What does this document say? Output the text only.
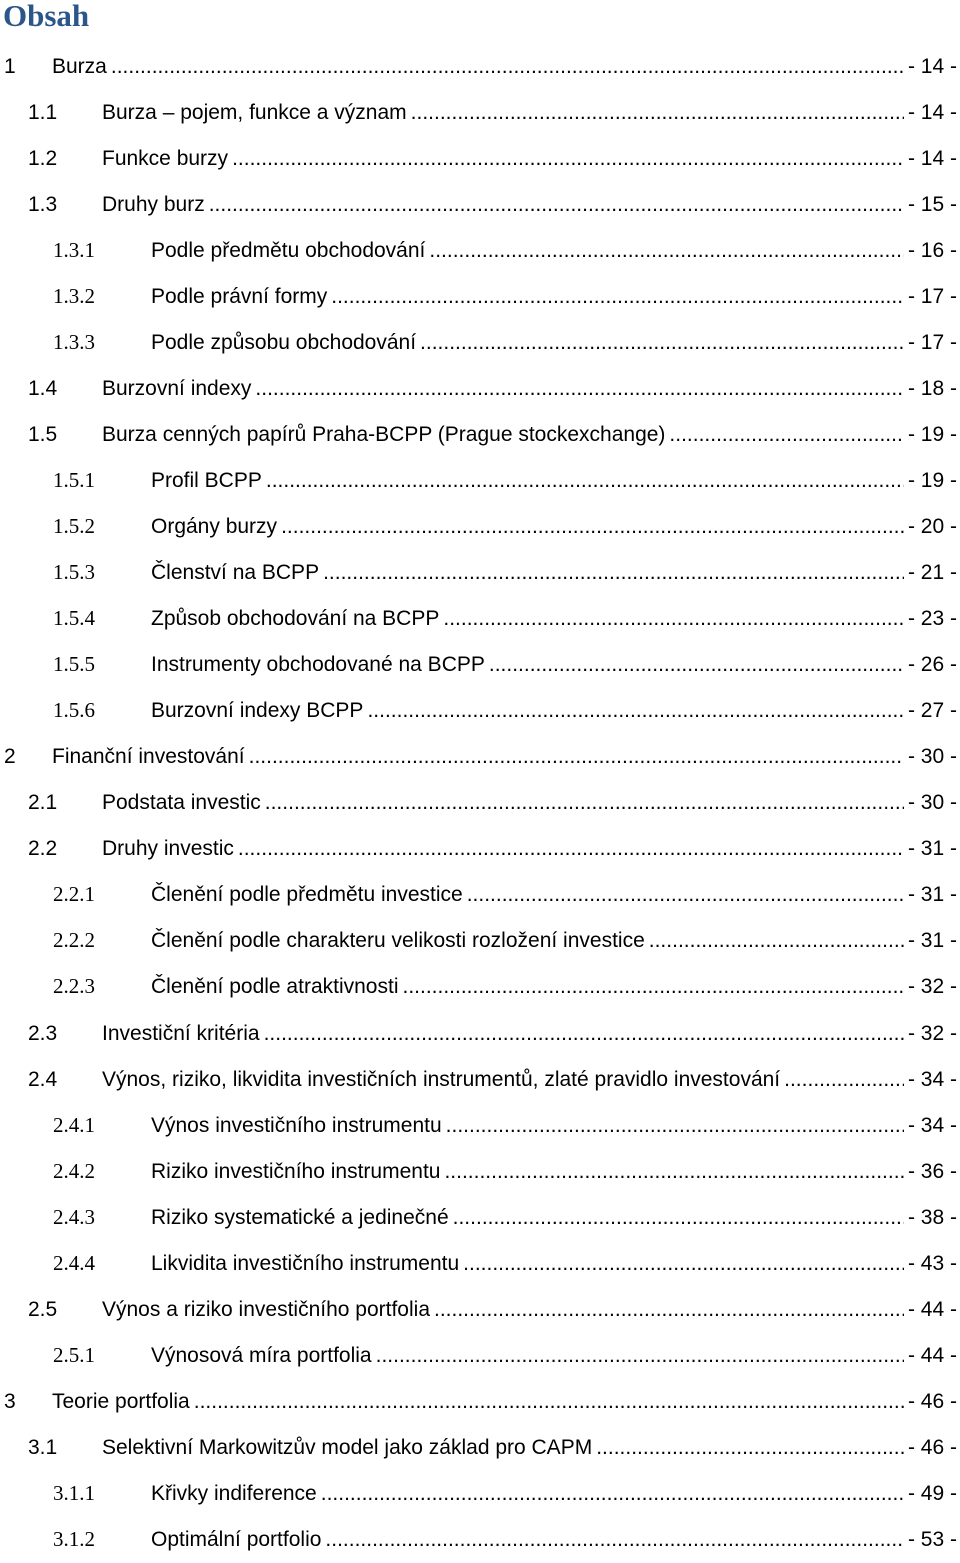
Obsah
1 Burza .....	- 14 -
1.1 Burza – pojem, funkce a význam .....	- 14 -
1.2 Funkce burzy .....	- 14 -
1.3 Druhy burz .....	- 15 -
1.3.1	Podle předmětu obchodování .....	- 16 -
1.3.2	Podle právní formy .....	- 17 -
1.3.3	Podle způsobu obchodování .....	- 17 -
1.4 Burzovní indexy .....	- 18 -
1.5 Burza cenných papírů Praha-BCPP (Prague stockexchange) .....	- 19 -
1.5.1	Profil BCPP .....	- 19 -
1.5.2	Orgány burzy .....	- 20 -
1.5.3	Členství na BCPP .....	- 21 -
1.5.4	Způsob obchodování na BCPP .....	- 23 -
1.5.5	Instrumenty obchodované na BCPP .....	- 26 -
1.5.6	Burzovní indexy BCPP .....	- 27 -
2 Finanční investování .....	- 30 -
2.1 Podstata investic .....	- 30 -
2.2 Druhy investic .....	- 31 -
2.2.1	Členění podle předmětu investice .....	- 31 -
2.2.2	Členění podle charakteru velikosti rozložení investice .....	- 31 -
2.2.3	Členění podle atraktivnosti .....	- 32 -
2.3 Investiční kritéria .....	- 32 -
2.4 Výnos, riziko, likvidita investičních instrumentů, zlaté pravidlo investování .....	- 34 -
2.4.1	Výnos investičního instrumentu .....	- 34 -
2.4.2	Riziko investičního instrumentu .....	- 36 -
2.4.3	Riziko systematické a jedinečné .....	- 38 -
2.4.4	Likvidita investičního instrumentu .....	- 43 -
2.5 Výnos a riziko investičního portfolia .....	- 44 -
2.5.1	Výnosová míra portfolia .....	- 44 -
3 Teorie portfolia .....	- 46 -
3.1 Selektivní Markowitzův model jako základ pro CAPM .....	- 46 -
3.1.1	Křivky indiference .....	- 49 -
3.1.2	Optimální portfolio .....	- 53 -
